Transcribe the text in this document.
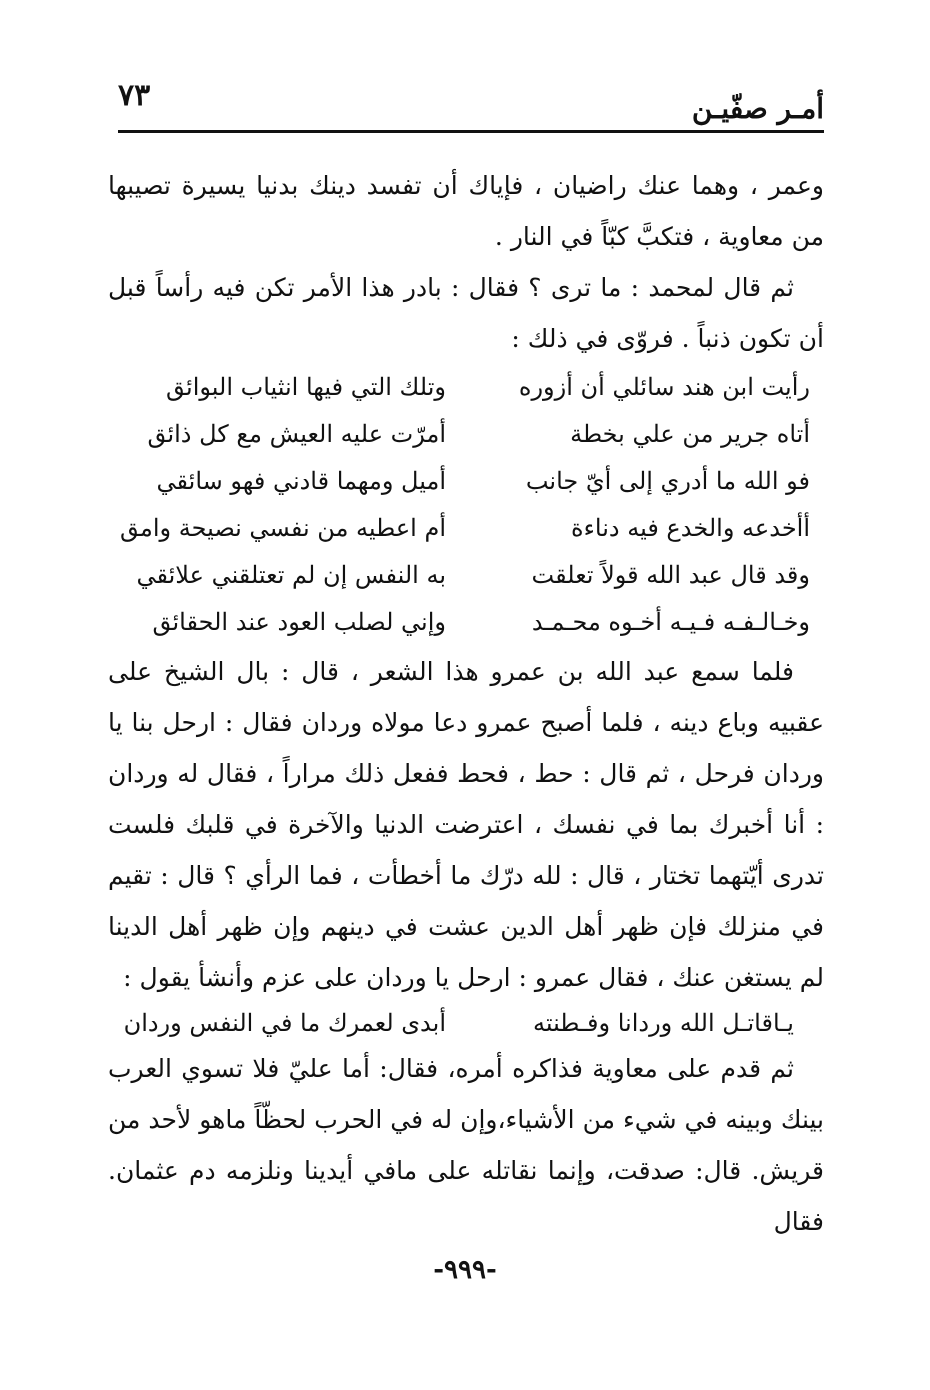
أمـر صفّيـن
٧٣

وعمر ، وهما عنك راضيان ، فإياك أن تفسد دينك بدنيا يسيرة تصيبها من معاوية ، فتكبَّ كبّاً في النار .

ثم قال لمحمد : ما ترى ؟ فقال : بادر هذا الأمر تكن فيه رأساً قبل أن تكون ذنباً . فروّى في ذلك :

رأيت ابن هند سائلي أن أزوره
وتلك التي فيها انثياب البوائق
أتاه جرير من علي بخطة
أمرّت عليه العيش مع كل ذائق
فو الله ما أدري إلى أيّ جانب
أميل ومهما قادني فهو سائقي
أأخدعه والخدع فيه دناءة
أم اعطيه من نفسي نصيحة وامق
وقد قال عبد الله قولاً تعلقت
به النفس إن لم تعتلقني علائقي
وخـالـفـه فـيـه أخـوه محـمـد
وإني لصلب العود عند الحقائق

فلما سمع عبد الله بن عمرو هذا الشعر ، قال : بال الشيخ على عقبيه وباع دينه ، فلما أصبح عمرو دعا مولاه وردان فقال : ارحل بنا يا وردان فرحل ، ثم قال : حط ، فحط ففعل ذلك مراراً ، فقال له وردان : أنا أخبرك بما في نفسك ، اعترضت الدنيا والآخرة في قلبك فلست تدرى أيّتهما تختار ، قال : لله درّك ما أخطأت ، فما الرأي ؟ قال : تقيم في منزلك فإن ظهر أهل الدين عشت في دينهم وإن ظهر أهل الدينا لم يستغن عنك ، فقال عمرو : ارحل يا وردان على عزم وأنشأ يقول :

يـاقاتـل الله وردانا وفـطنته
أبدى لعمرك ما في النفس وردان

ثم قدم على معاوية فذاكره أمره، فقال: أما عليّ فلا تسوي العرب بينك وبينه في شيء من الأشياء،وإن له في الحرب لحظّاً ماهو لأحد من قريش. قال: صدقت، وإنما نقاتله على مافي أيدينا ونلزمه دم عثمان. فقال

-٩٩٩-
